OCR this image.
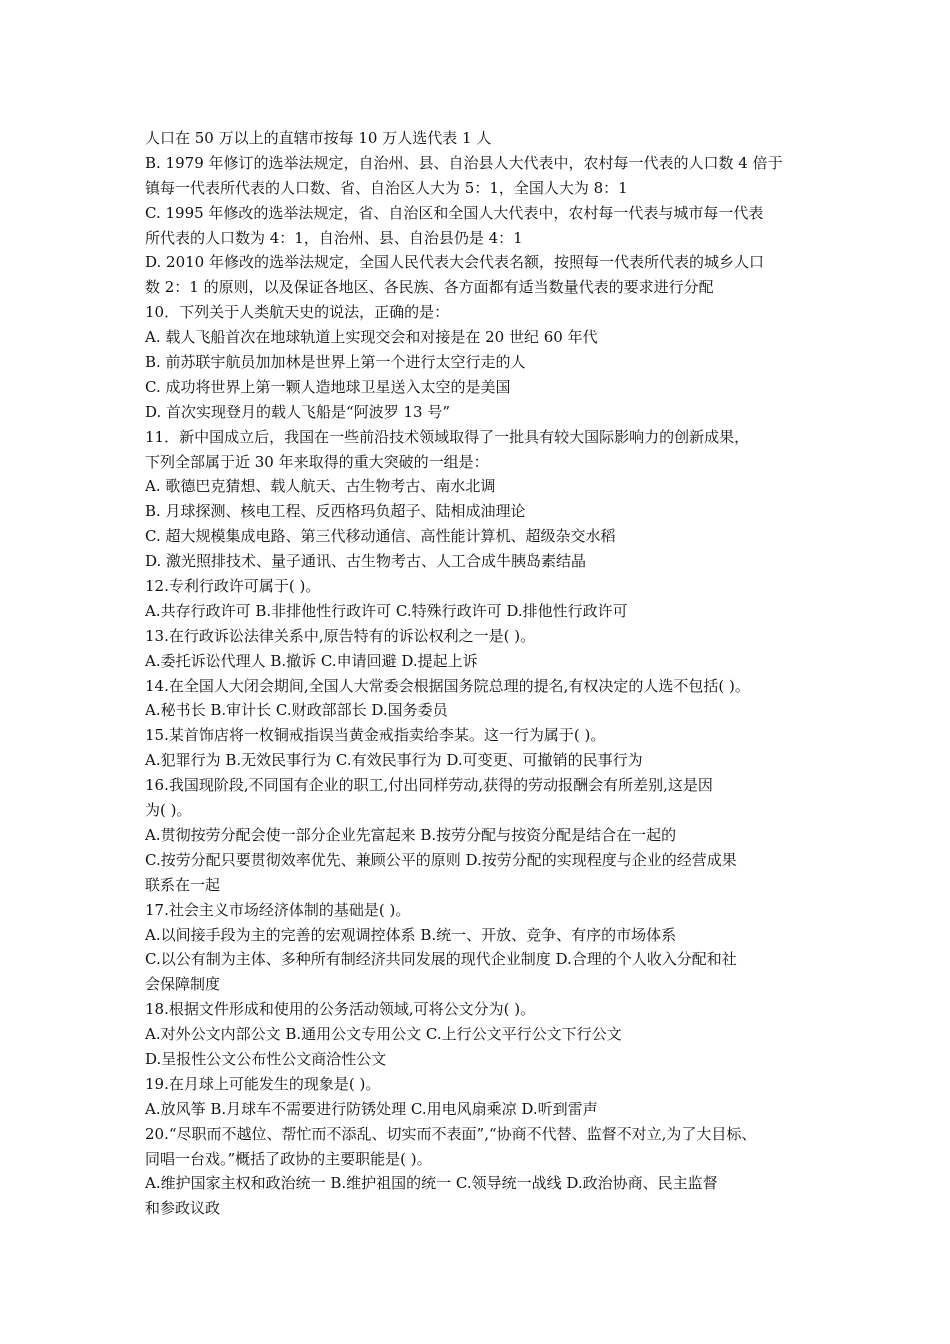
人口在 50 万以上的直辖市按每 10 万人选代表 1 人
B. 1979 年修订的选举法规定，自治州、县、自治县人大代表中，农村每一代表的人口数 4 倍于
镇每一代表所代表的人口数、省、自治区人大为 5：1，全国人大为 8：1
C. 1995 年修改的选举法规定，省、自治区和全国人大代表中，农村每一代表与城市每一代表
所代表的人口数为 4：1，自治州、县、自治县仍是 4：1
D. 2010 年修改的选举法规定，全国人民代表大会代表名额，按照每一代表所代表的城乡人口
数 2：1 的原则，以及保证各地区、各民族、各方面都有适当数量代表的要求进行分配
10．下列关于人类航天史的说法，正确的是：
A. 载人飞船首次在地球轨道上实现交会和对接是在 20 世纪 60 年代
B. 前苏联宇航员加加林是世界上第一个进行太空行走的人
C. 成功将世界上第一颗人造地球卫星送入太空的是美国
D. 首次实现登月的载人飞船是“阿波罗 13 号”
11．新中国成立后，我国在一些前沿技术领域取得了一批具有较大国际影响力的创新成果，
下列全部属于近 30 年来取得的重大突破的一组是：
A. 歌德巴克猜想、载人航天、古生物考古、南水北调
B. 月球探测、核电工程、反西格玛负超子、陆相成油理论
C. 超大规模集成电路、第三代移动通信、高性能计算机、超级杂交水稻
D. 激光照排技术、量子通讯、古生物考古、人工合成牛胰岛素结晶
12.专利行政许可属于( )。
A.共存行政许可 B.非排他性行政许可 C.特殊行政许可 D.排他性行政许可
13.在行政诉讼法律关系中,原告特有的诉讼权利之一是( )。
A.委托诉讼代理人 B.撤诉 C.申请回避 D.提起上诉
14.在全国人大闭会期间,全国人大常委会根据国务院总理的提名,有权决定的人选不包括( )。
A.秘书长 B.审计长 C.财政部部长 D.国务委员
15.某首饰店将一枚铜戒指误当黄金戒指卖给李某。这一行为属于( )。
A.犯罪行为 B.无效民事行为 C.有效民事行为 D.可变更、可撤销的民事行为
16.我国现阶段,不同国有企业的职工,付出同样劳动,获得的劳动报酬会有所差别,这是因
为( )。
A.贯彻按劳分配会使一部分企业先富起来 B.按劳分配与按资分配是结合在一起的
C.按劳分配只要贯彻效率优先、兼顾公平的原则 D.按劳分配的实现程度与企业的经营成果
联系在一起
17.社会主义市场经济体制的基础是( )。
A.以间接手段为主的完善的宏观调控体系 B.统一、开放、竞争、有序的市场体系
C.以公有制为主体、多种所有制经济共同发展的现代企业制度 D.合理的个人收入分配和社
会保障制度
18.根据文件形成和使用的公务活动领域,可将公文分为( )。
A.对外公文内部公文 B.通用公文专用公文 C.上行公文平行公文下行公文
D.呈报性公文公布性公文商洽性公文
19.在月球上可能发生的现象是( )。
A.放风筝 B.月球车不需要进行防锈处理 C.用电风扇乘凉 D.听到雷声
20.“尽职而不越位、帮忙而不添乱、切实而不表面”,“协商不代替、监督不对立,为了大目标、
同唱一台戏。”概括了政协的主要职能是( )。
A.维护国家主权和政治统一 B.维护祖国的统一 C.领导统一战线 D.政治协商、民主监督
和参政议政
